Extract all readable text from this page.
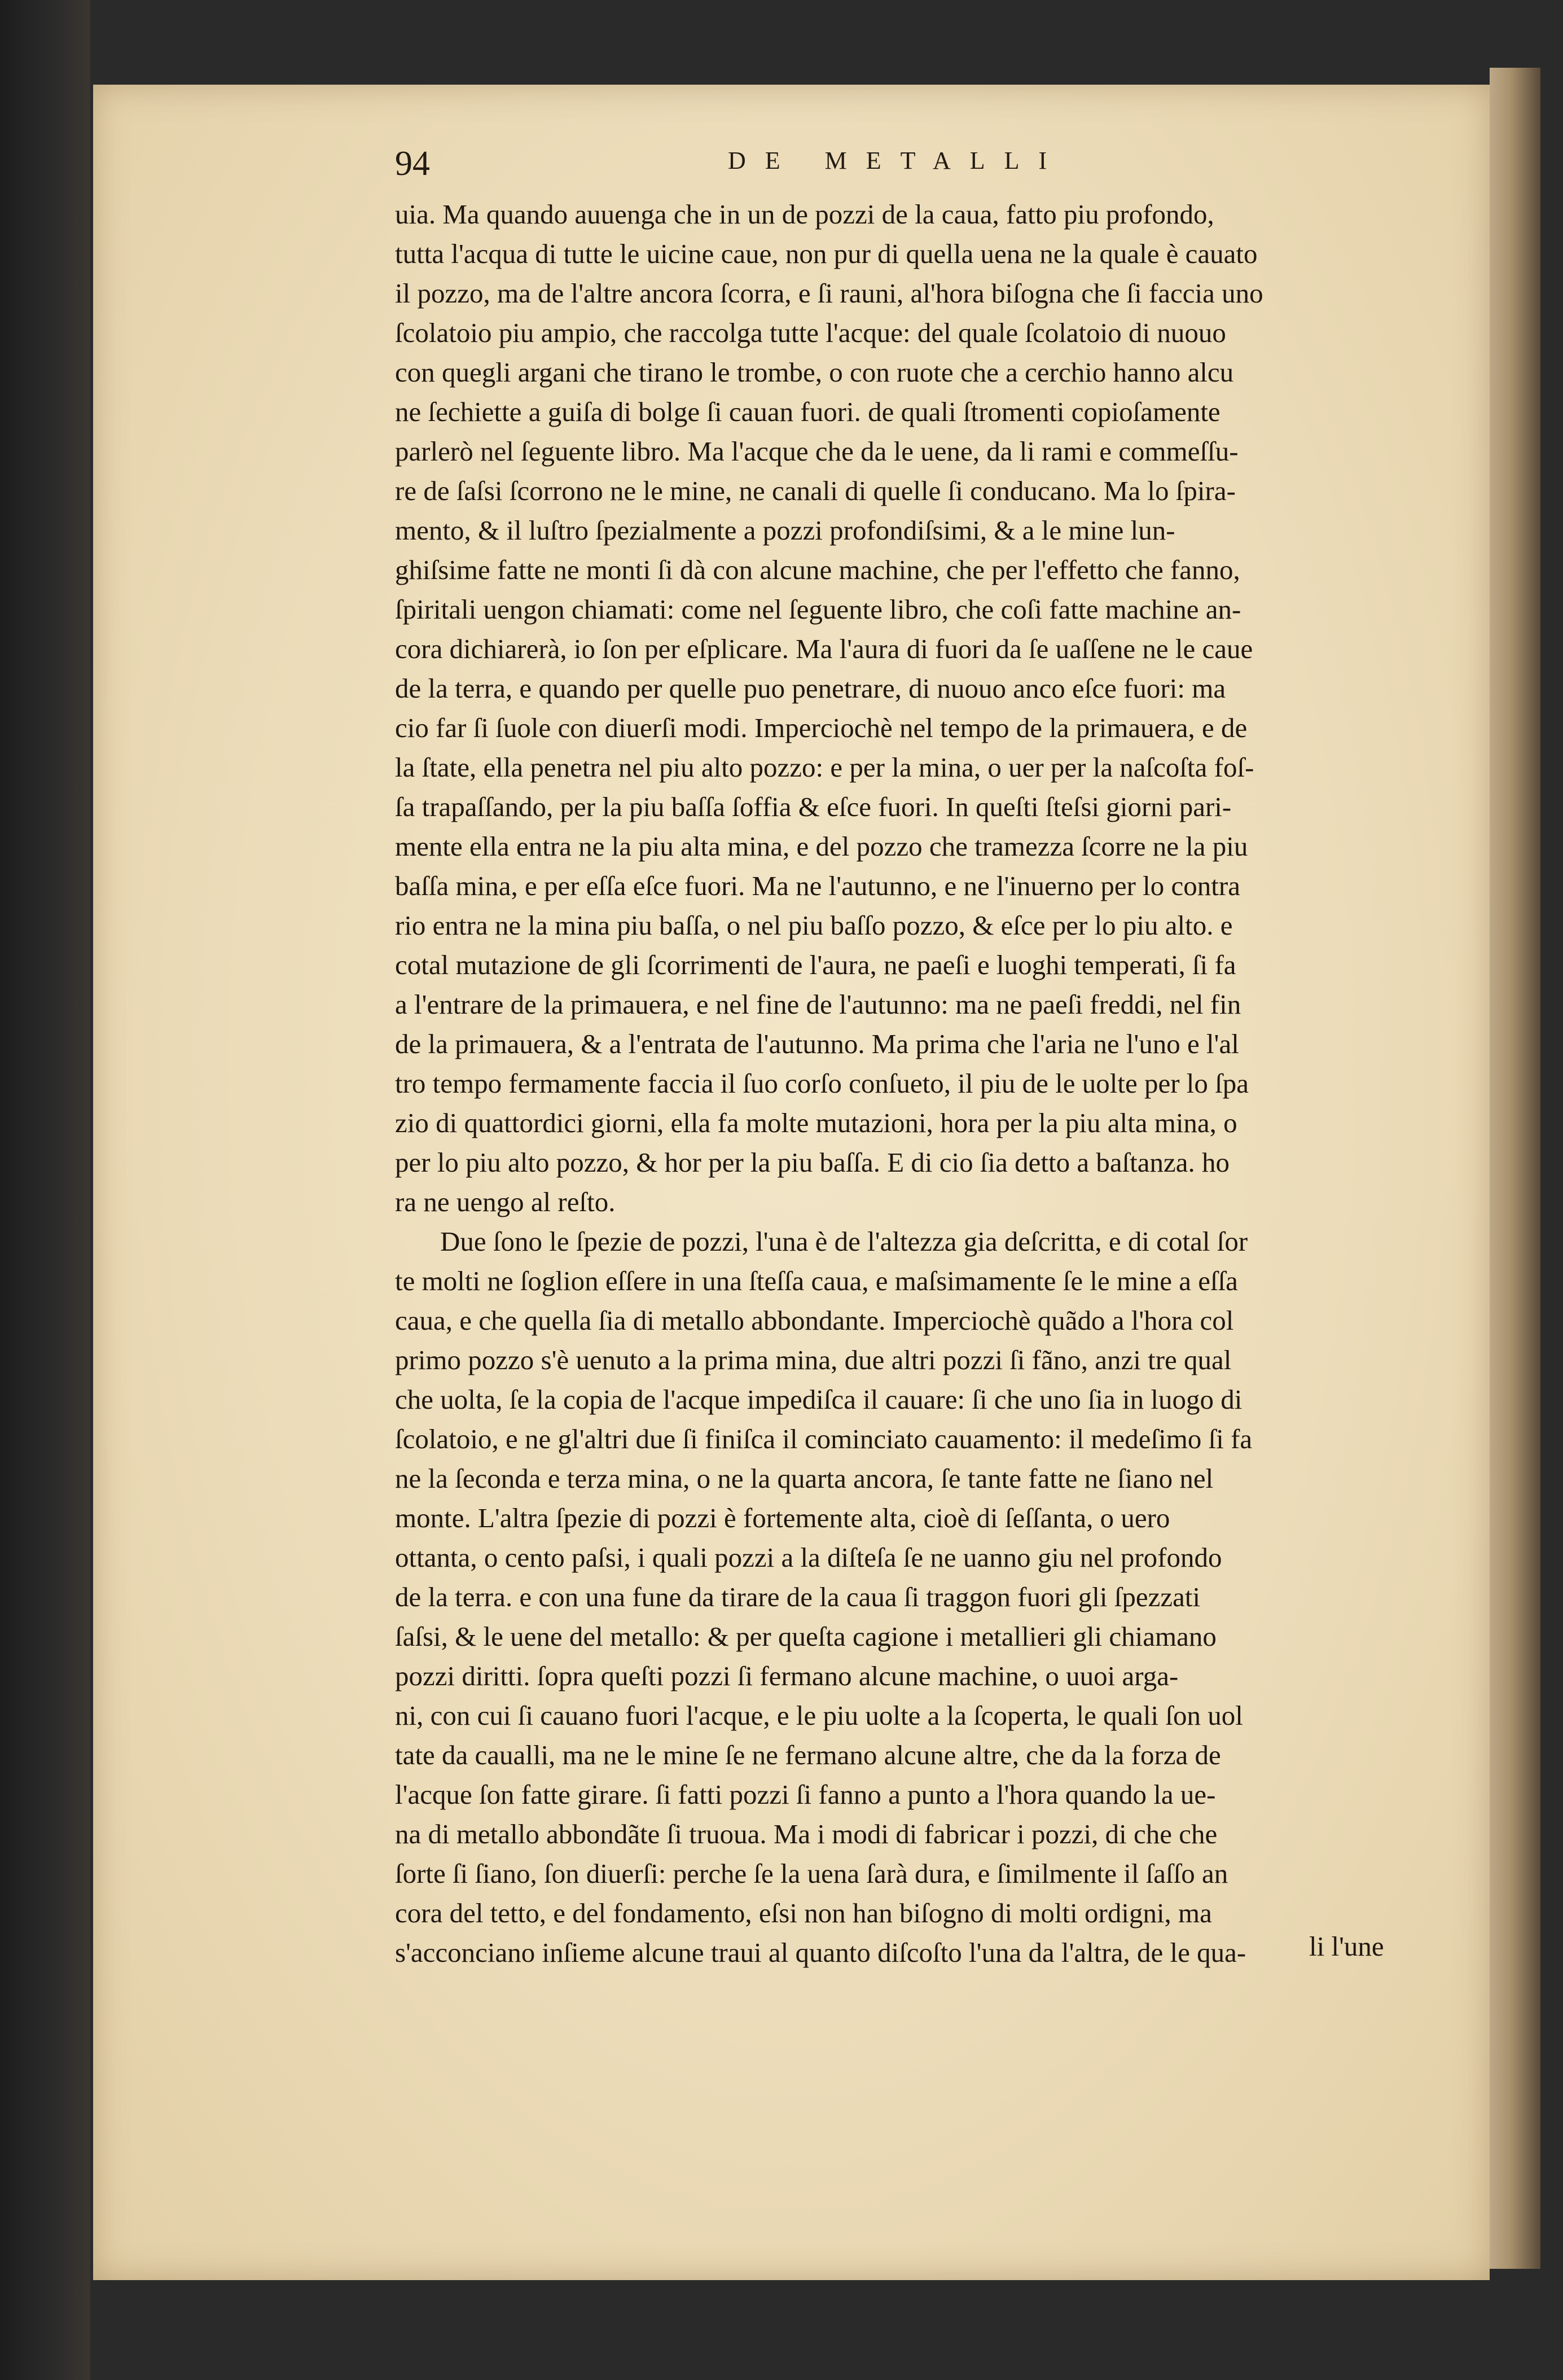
94	DE METALLI
uia. Ma quando auuenga che in un de pozzi de la caua, fatto piu profondo,
tutta l'acqua di tutte le uicine caue, non pur di quella uena ne la quale è cauato
il pozzo, ma de l'altre ancora ſcorra, e ſi rauni, al'hora biſogna che ſi faccia uno
ſcolatoio piu ampio, che raccolga tutte l'acque: del quale ſcolatoio di nuouo
con quegli argani che tirano le trombe, o con ruote che a cerchio hanno alcu
ne ſechiette a guiſa di bolge ſi cauan fuori. de quali ſtromenti copioſamente
parlerò nel ſeguente libro. Ma l'acque che da le uene, da li rami e commeſſu-
re de ſaſsi ſcorrono ne le mine, ne canali di quelle ſi conducano. Ma lo ſpira-
mento, & il luſtro ſpezialmente a pozzi profondiſsimi, & a le mine lun-
ghiſsime fatte ne monti ſi dà con alcune machine, che per l'effetto che fanno,
ſpiritali uengon chiamati: come nel ſeguente libro, che coſi fatte machine an-
cora dichiarerà, io ſon per eſplicare. Ma l'aura di fuori da ſe uaſſene ne le caue
de la terra, e quando per quelle puo penetrare, di nuouo anco eſce fuori: ma
cio far ſi ſuole con diuerſi modi. Imperciochè nel tempo de la primauera, e de
la ſtate, ella penetra nel piu alto pozzo: e per la mina, o uer per la naſcoſta foſ-
ſa trapaſſando, per la piu baſſa ſoffia & eſce fuori. In queſti ſteſsi giorni pari-
mente ella entra ne la piu alta mina, e del pozzo che tramezza ſcorre ne la piu
baſſa mina, e per eſſa eſce fuori. Ma ne l'autunno, e ne l'inuerno per lo contra
rio entra ne la mina piu baſſa, o nel piu baſſo pozzo, & eſce per lo piu alto. e
cotal mutazione de gli ſcorrimenti de l'aura, ne paeſi e luoghi temperati, ſi fa
a l'entrare de la primauera, e nel fine de l'autunno: ma ne paeſi freddi, nel fin
de la primauera, & a l'entrata de l'autunno. Ma prima che l'aria ne l'uno e l'al
tro tempo fermamente faccia il ſuo corſo conſueto, il piu de le uolte per lo ſpa
zio di quattordici giorni, ella fa molte mutazioni, hora per la piu alta mina, o
per lo piu alto pozzo, & hor per la piu baſſa. E di cio ſia detto a baſtanza. ho
ra ne uengo al reſto.
Due ſono le ſpezie de pozzi, l'una è de l'altezza gia deſcritta, e di cotal ſor
te molti ne ſoglion eſſere in una ſteſſa caua, e maſsimamente ſe le mine a eſſa
caua, e che quella ſia di metallo abbondante. Imperciochè quãdo a l'hora col
primo pozzo s'è uenuto a la prima mina, due altri pozzi ſi fãno, anzi tre qual
che uolta, ſe la copia de l'acque impediſca il cauare: ſi che uno ſia in luogo di
ſcolatoio, e ne gl'altri due ſi finiſca il cominciato cauamento: il medeſimo ſi fa
ne la ſeconda e terza mina, o ne la quarta ancora, ſe tante fatte ne ſiano nel
monte. L'altra ſpezie di pozzi è fortemente alta, cioè di ſeſſanta, o uero
ottanta, o cento paſsi, i quali pozzi a la diſteſa ſe ne uanno giu nel profondo
de la terra. e con una fune da tirare de la caua ſi traggon fuori gli ſpezzati
ſaſsi, & le uene del metallo: & per queſta cagione i metallieri gli chiamano
pozzi diritti. ſopra queſti pozzi ſi fermano alcune machine, o uuoi arga-
ni, con cui ſi cauano fuori l'acque, e le piu uolte a la ſcoperta, le quali ſon uol
tate da caualli, ma ne le mine ſe ne fermano alcune altre, che da la forza de
l'acque ſon fatte girare. ſi fatti pozzi ſi fanno a punto a l'hora quando la ue-
na di metallo abbondãte ſi truoua. Ma i modi di fabricar i pozzi, di che che
ſorte ſi ſiano, ſon diuerſi: perche ſe la uena ſarà dura, e ſimilmente il ſaſſo an
cora del tetto, e del fondamento, eſsi non han biſogno di molti ordigni, ma
s'acconciano inſieme alcune traui al quanto diſcoſto l'una da l'altra, de le qua-	li l'une
